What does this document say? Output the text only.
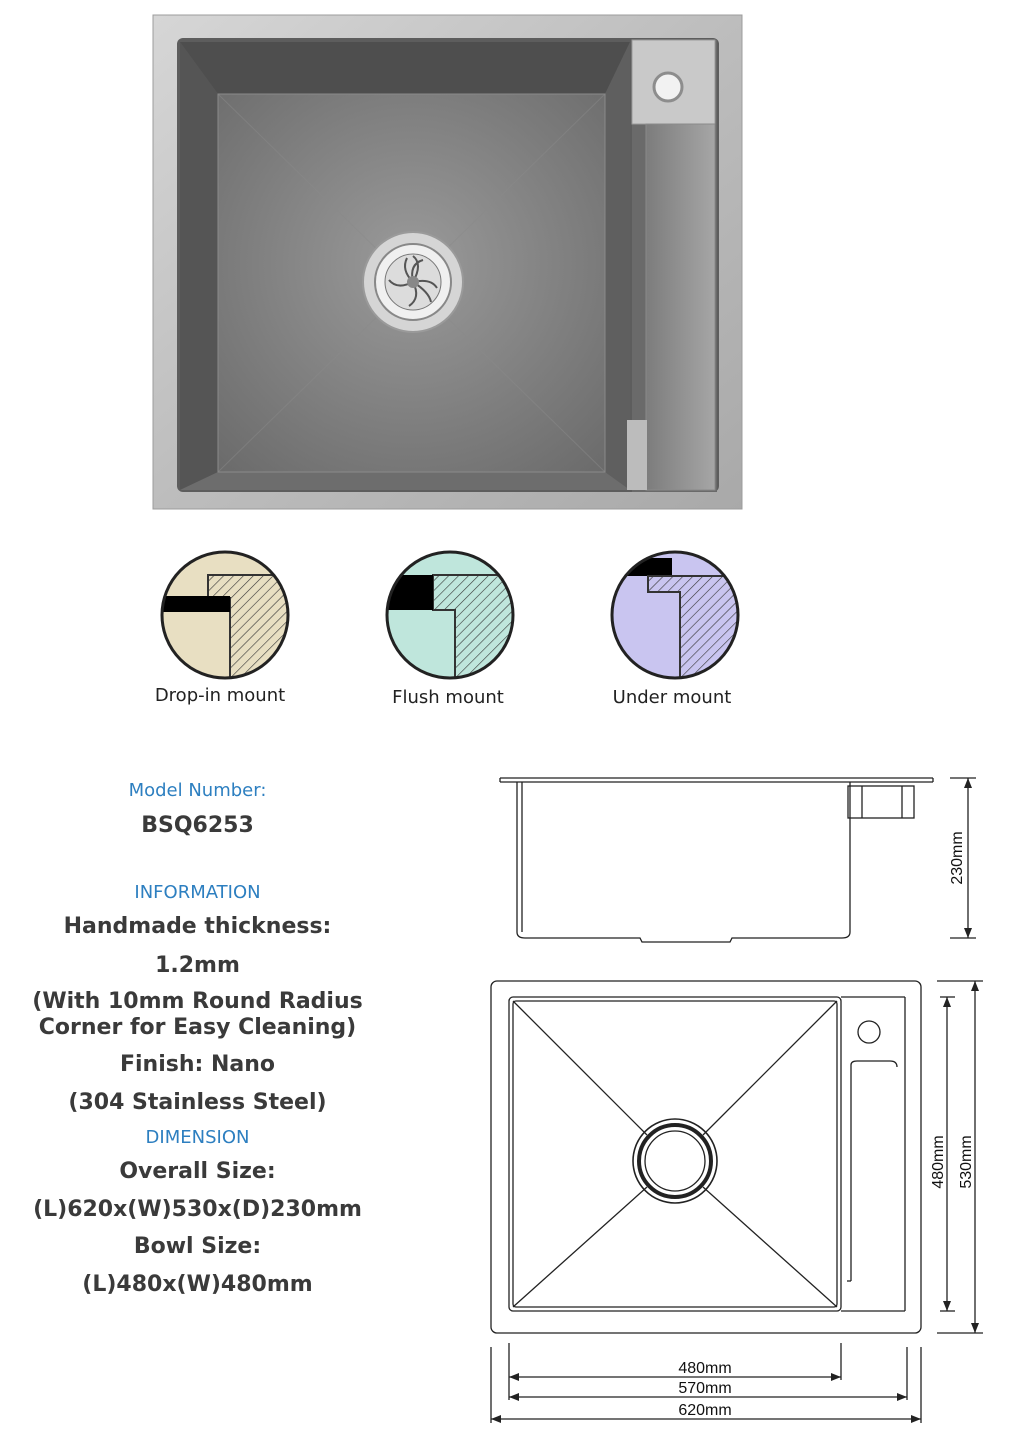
Drop-in mount	Flush mount	Under mount
Model Number:
BSQ6253
INFORMATION
Handmade thickness:
1.2mm
(With 10mm Round Radius
Corner for Easy Cleaning)
Finish: Nano
(304 Stainless Steel)
DIMENSION
Overall Size:
(L)620x(W)530x(D)230mm
Bowl Size:
(L)480x(W)480mm
230mm
480mm 530mm
480mm
570mm
620mm
